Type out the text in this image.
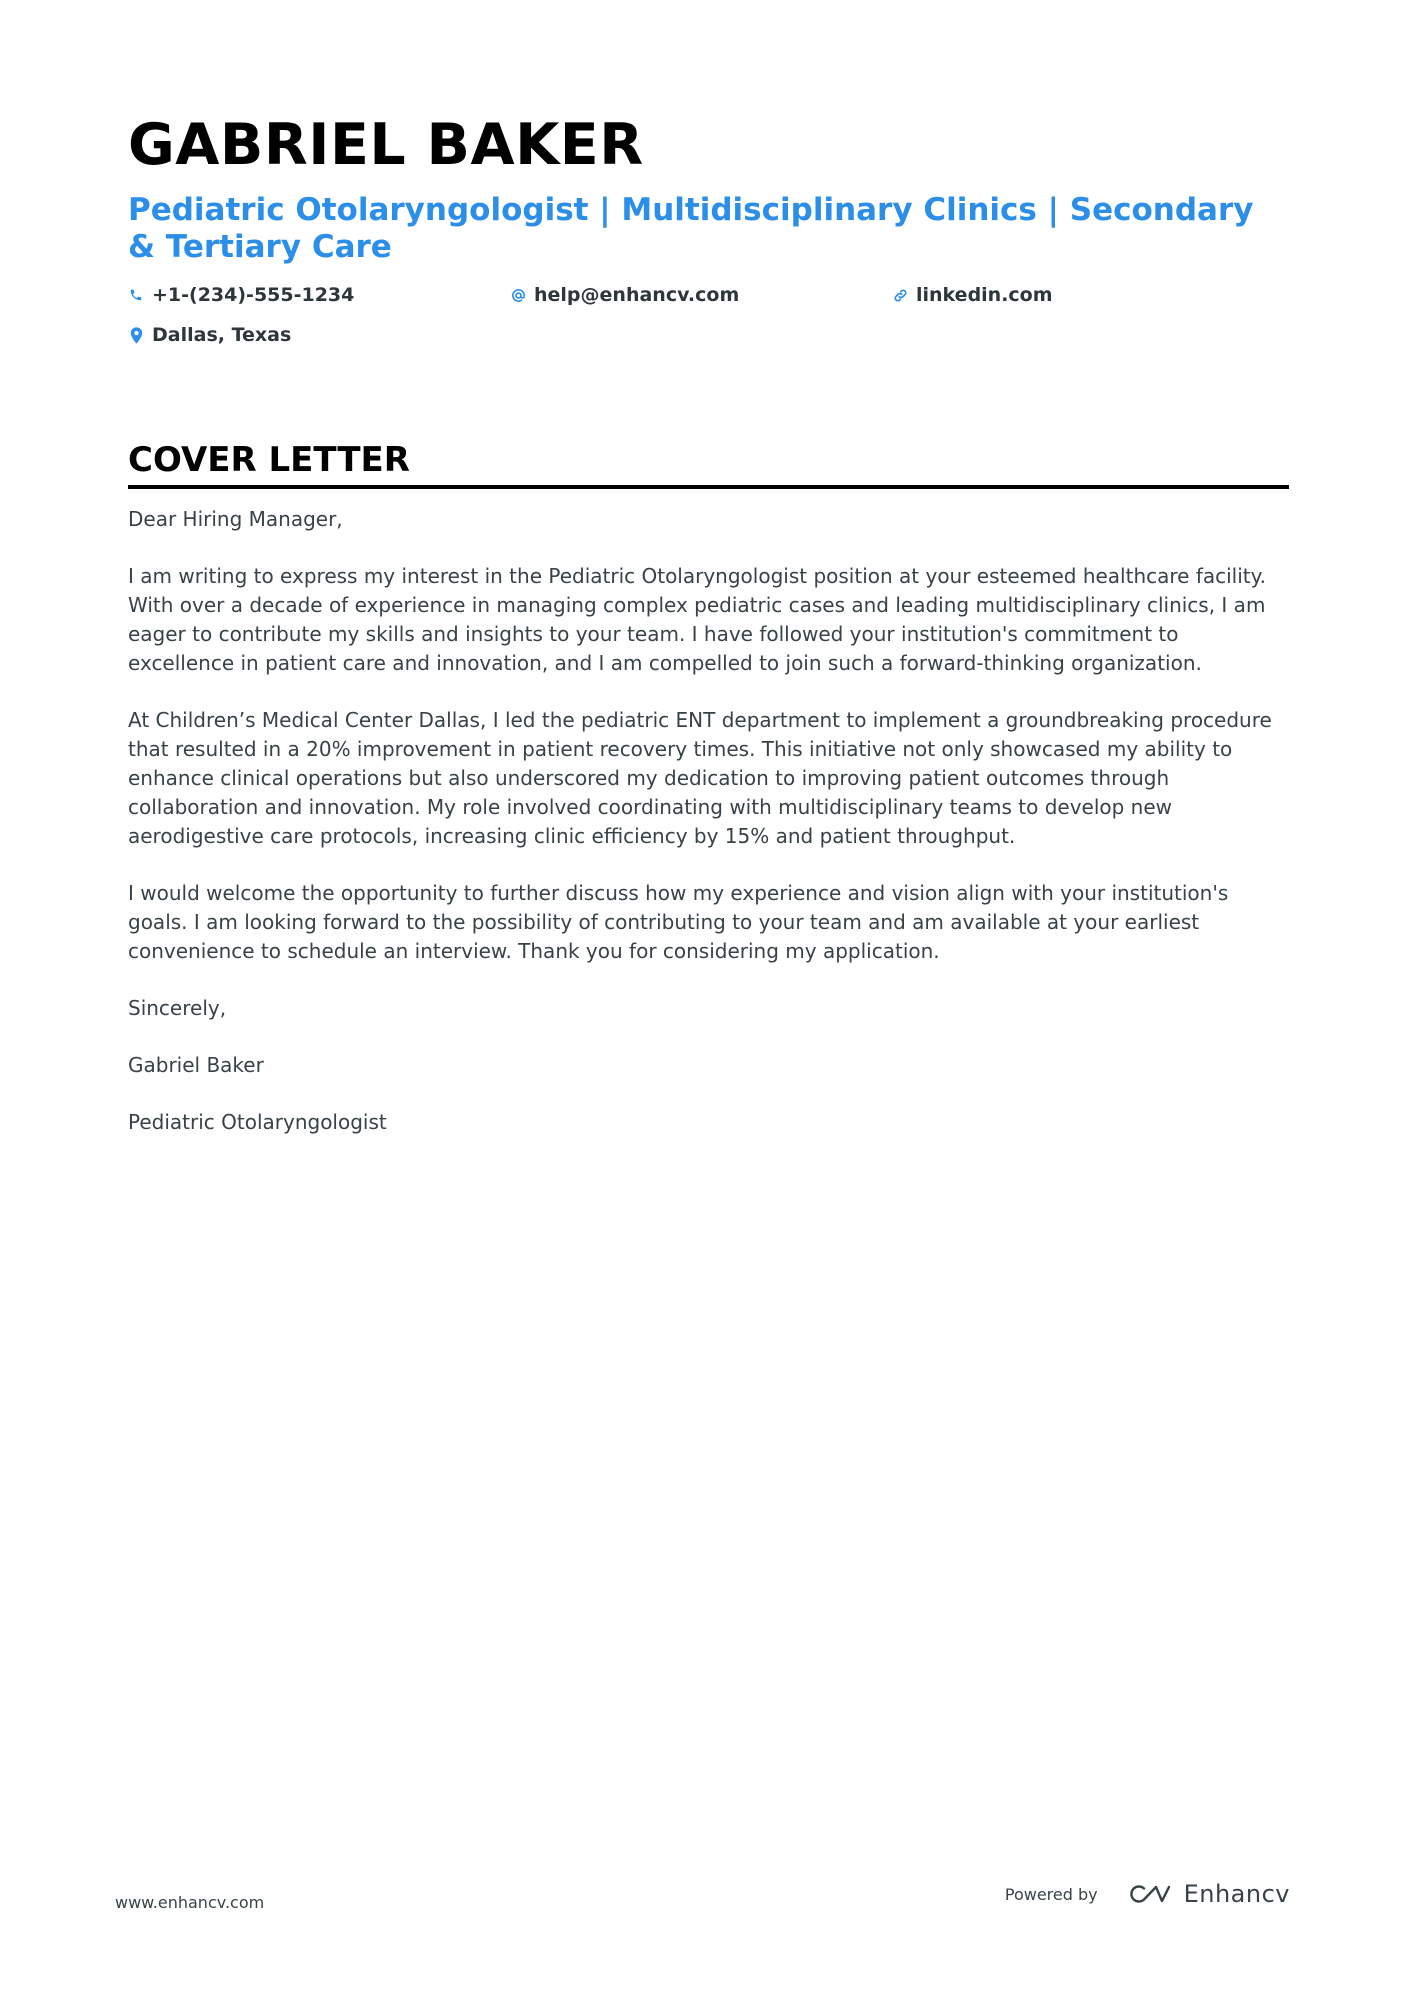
GABRIEL BAKER
Pediatric Otolaryngologist | Multidisciplinary Clinics | Secondary & Tertiary Care
+1-(234)-555-1234	help@enhancv.com	linkedin.com
Dallas, Texas
COVER LETTER

Dear Hiring Manager,

I am writing to express my interest in the Pediatric Otolaryngologist position at your esteemed healthcare facility. With over a decade of experience in managing complex pediatric cases and leading multidisciplinary clinics, I am eager to contribute my skills and insights to your team. I have followed your institution's commitment to excellence in patient care and innovation, and I am compelled to join such a forward-thinking organization.

At Children’s Medical Center Dallas, I led the pediatric ENT department to implement a groundbreaking procedure that resulted in a 20% improvement in patient recovery times. This initiative not only showcased my ability to enhance clinical operations but also underscored my dedication to improving patient outcomes through collaboration and innovation. My role involved coordinating with multidisciplinary teams to develop new aerodigestive care protocols, increasing clinic efficiency by 15% and patient throughput.

I would welcome the opportunity to further discuss how my experience and vision align with your institution's goals. I am looking forward to the possibility of contributing to your team and am available at your earliest convenience to schedule an interview. Thank you for considering my application.

Sincerely,

Gabriel Baker

Pediatric Otolaryngologist

www.enhancv.com	Powered by	Enhancv
